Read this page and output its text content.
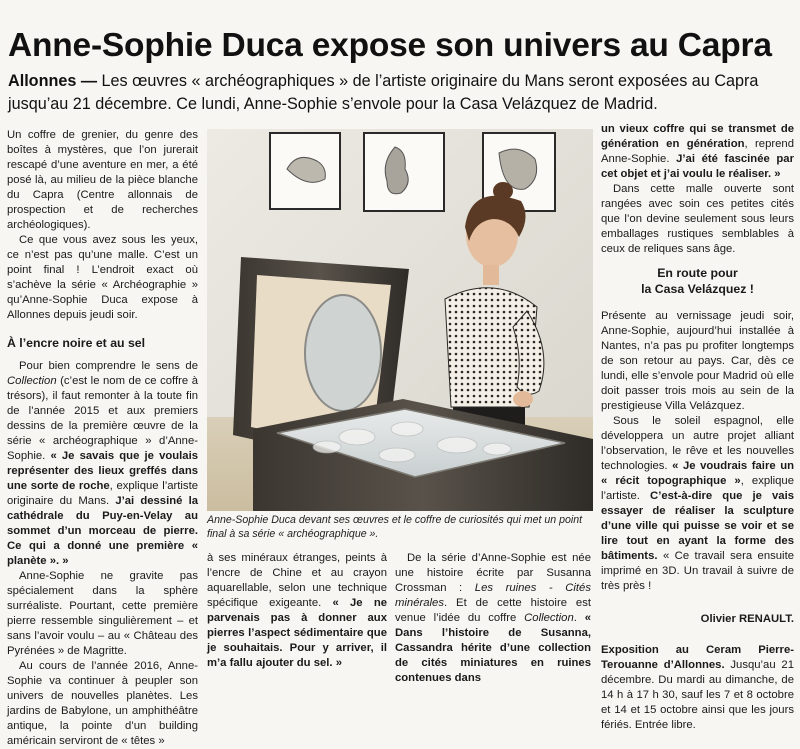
Anne-Sophie Duca expose son univers au Capra

Allonnes — Les œuvres « archéographiques » de l’artiste originaire du Mans seront exposées au Capra jusqu’au 21 décembre. Ce lundi, Anne-Sophie s’envole pour la Casa Velázquez de Madrid.

Un coffre de grenier, du genre des boîtes à mystères, que l’on jurerait rescapé d’une aventure en mer, a été posé là, au milieu de la pièce blanche du Capra (Centre allonnais de prospection et de recherches archéologiques).

Ce que vous avez sous les yeux, ce n’est pas qu’une malle. C’est un point final ! L’endroit exact où s’achève la série « Archéographie » qu’Anne-Sophie Duca expose à Allonnes depuis jeudi soir.

À l’encre noire et au sel

Pour bien comprendre le sens de Collection (c’est le nom de ce coffre à trésors), il faut remonter à la toute fin de l’année 2015 et aux premiers dessins de la première œuvre de la série « archéographique » d’Anne-Sophie. « Je savais que je voulais représenter des lieux greffés dans une sorte de roche, explique l’artiste originaire du Mans. J’ai dessiné la cathédrale du Puy-en-Velay au sommet d’un morceau de pierre. Ce qui a donné une première « planète ». »

Anne-Sophie ne gravite pas spécialement dans la sphère surréaliste. Pourtant, cette première pierre ressemble singulièrement – et sans l’avoir voulu – au « Château des Pyrénées » de Magritte.

Au cours de l’année 2016, Anne-Sophie va continuer à peupler son univers de nouvelles planètes. Les jardins de Babylone, un amphithéâtre antique, la pointe d’un building américain serviront de « têtes »

Anne-Sophie Duca devant ses œuvres et le coffre de curiosités qui met un point final à sa série « archéographique ».

à ses minéraux étranges, peints à l’encre de Chine et au crayon aquarellable, selon une technique spécifique exigeante. « Je ne parvenais pas à donner aux pierres l’aspect sédimentaire que je souhaitais. Pour y arriver, il m’a fallu ajouter du sel. »

De la série d’Anne-Sophie est née une histoire écrite par Susanna Crossman : Les ruines - Cités minérales. Et de cette histoire est venue l’idée du coffre Collection. « Dans l’histoire de Susanna, Cassandra hérite d’une collection de cités miniatures en ruines contenues dans

un vieux coffre qui se transmet de génération en génération, reprend Anne-Sophie. J’ai été fascinée par cet objet et j’ai voulu le réaliser. »

Dans cette malle ouverte sont rangées avec soin ces petites cités que l’on devine seulement sous leurs emballages rustiques semblables à ceux de reliques sans âge.

En route pour
la Casa Velázquez !

Présente au vernissage jeudi soir, Anne-Sophie, aujourd’hui installée à Nantes, n’a pas pu profiter longtemps de son retour au pays. Car, dès ce lundi, elle s’envole pour Madrid où elle doit passer trois mois au sein de la prestigieuse Villa Velázquez.

Sous le soleil espagnol, elle développera un autre projet alliant l’observation, le rêve et les nouvelles technologies. « Je voudrais faire un « récit topographique », explique l’artiste. C’est-à-dire que je vais essayer de réaliser la sculpture d’une ville qui puisse se voir et se lire tout en ayant la forme des bâtiments. « Ce travail sera ensuite imprimé en 3D. Un travail à suivre de très près !

Olivier RENAULT.

Exposition au Ceram Pierre-Terouanne d’Allonnes. Jusqu’au 21 décembre. Du mardi au dimanche, de 14 h à 17 h 30, sauf les 7 et 8 octobre et 14 et 15 octobre ainsi que les jours fériés. Entrée libre.
